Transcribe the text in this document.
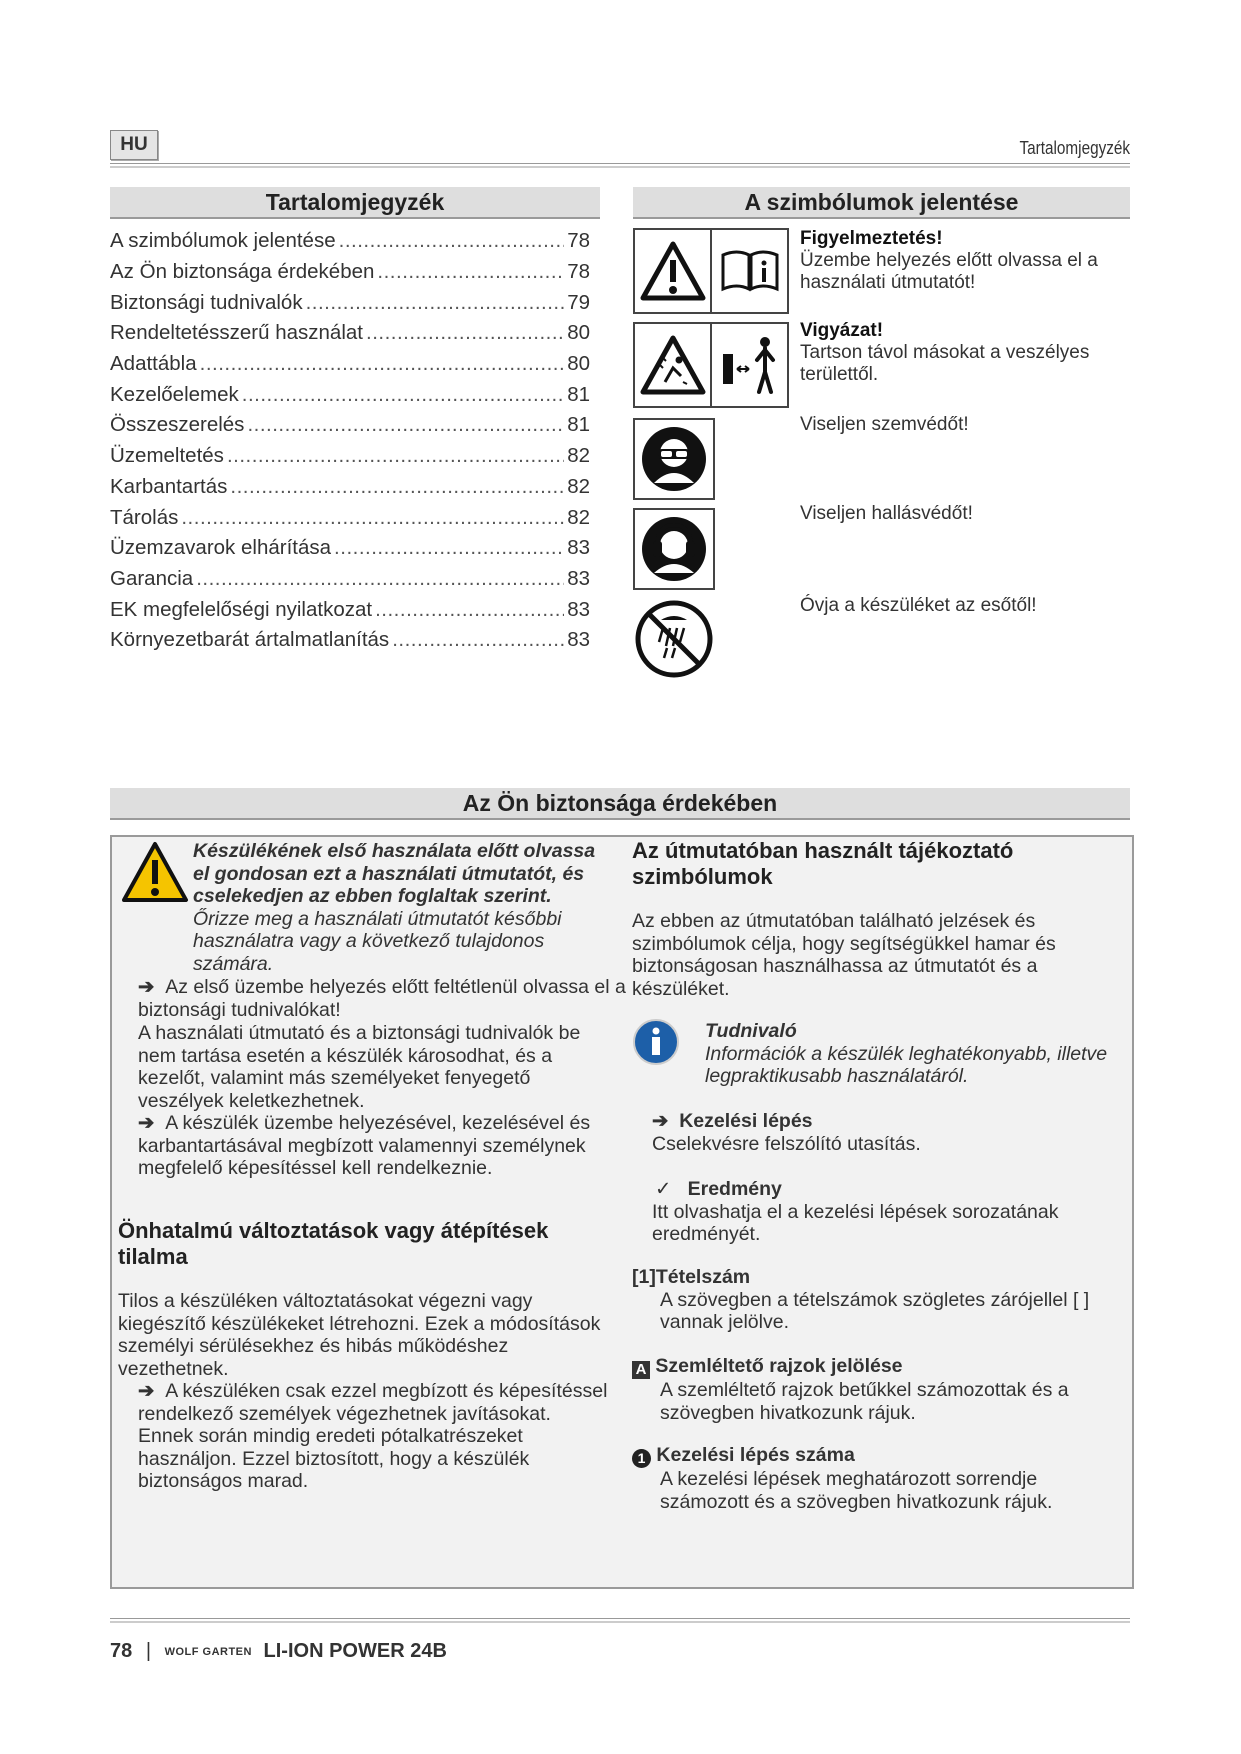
HU	Tartalomjegyzék
Tartalomjegyzék
A szimbólumok jelentése .....	78
Az Ön biztonsága érdekében .....	78
Biztonsági tudnivalók .....	79
Rendeltetésszerű használat .....	80
Adattábla .....	80
Kezelőelemek .....	81
Összeszerelés .....	81
Üzemeltetés .....	82
Karbantartás .....	82
Tárolás .....	82
Üzemzavarok elhárítása .....	83
Garancia .....	83
EK megfelelőségi nyilatkozat .....	83
Környezetbarát ártalmatlanítás .....	83
A szimbólumok jelentése
Figyelmeztetés!
Üzembe helyezés előtt olvassa el a használati útmutatót!
Vigyázat!
Tartson távol másokat a veszélyes területtől.
Viseljen szemvédőt!
Viseljen hallásvédőt!
Óvja a készüléket az esőtől!
Az Ön biztonsága érdekében
Készülékének első használata előtt olvassa el gondosan ezt a használati útmutatót, és cselekedjen az ebben foglaltak szerint. Őrizze meg a használati útmutatót későbbi használatra vagy a következő tulajdonos számára.
➔ Az első üzembe helyezés előtt feltétlenül olvassa el a biztonsági tudnivalókat!
A használati útmutató és a biztonsági tudnivalók be nem tartása esetén a készülék károsodhat, és a kezelőt, valamint más személyeket fenyegető veszélyek keletkezhetnek.
➔ A készülék üzembe helyezésével, kezelésével és karbantartásával megbízott valamennyi személynek megfelelő képesítéssel kell rendelkeznie.
Önhatalmú változtatások vagy átépítések tilalma
Tilos a készüléken változtatásokat végezni vagy kiegészítő készülékeket létrehozni. Ezek a módosítások személyi sérülésekhez és hibás működéshez vezethetnek.
➔ A készüléken csak ezzel megbízott és képesítéssel rendelkező személyek végezhetnek javításokat. Ennek során mindig eredeti pótalkatrészeket használjon. Ezzel biztosított, hogy a készülék biztonságos marad.
Az útmutatóban használt tájékoztató szimbólumok
Az ebben az útmutatóban található jelzések és szimbólumok célja, hogy segítségükkel hamar és biztonságosan használhassa az útmutatót és a készüléket.
Tudnivaló
Információk a készülék leghatékonyabb, illetve legpraktikusabb használatáról.
➔ Kezelési lépés
Cselekvésre felszólító utasítás.
✓ Eredmény
Itt olvashatja el a kezelési lépések sorozatának eredményét.
[1]Tételszám
A szövegben a tételszámok szögletes zárójellel [ ] vannak jelölve.
A Szemléltető rajzok jelölése
A szemléltető rajzok betűkkel számozottak és a szövegben hivatkozunk rájuk.
1 Kezelési lépés száma
A kezelési lépések meghatározott sorrendje számozott és a szövegben hivatkozunk rájuk.
78 | WOLF GARTEN LI-ION POWER 24B
